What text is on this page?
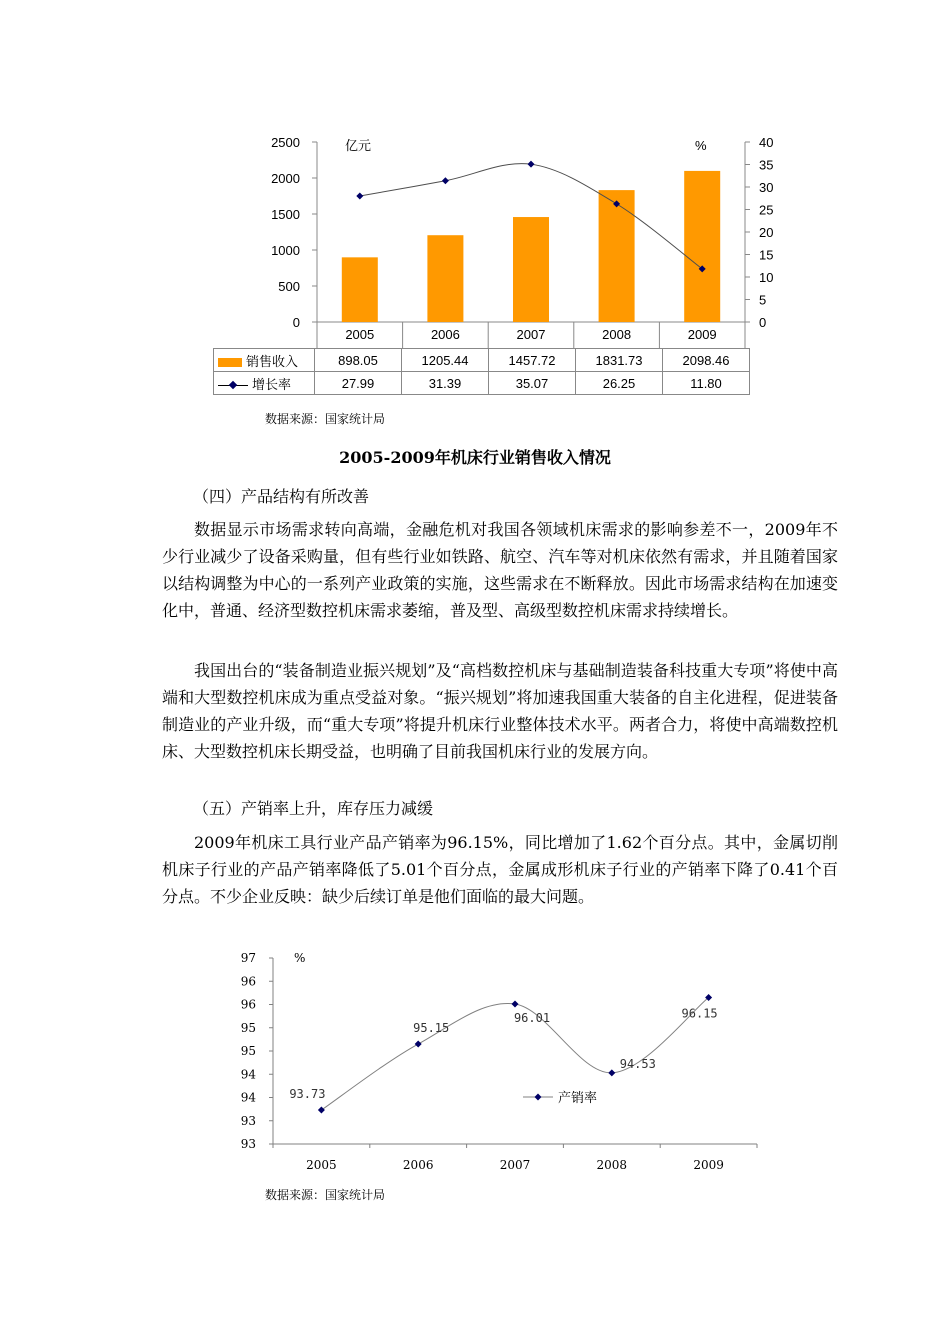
0
500
1000
1500
2000
2500
0
5
10
15
20
25
30
35
40
亿元	%
2005	2006	2007	2008	2009
销售收入	898.05	1205.44	1457.72	1831.73	2098.46
增长率	27.99	31.39	35.07	26.25	11.80
数据来源：国家统计局
2005-2009年机床行业销售收入情况
（四）产品结构有所改善
数据显示市场需求转向高端，金融危机对我国各领域机床需求的影响参差不一，2009年不少行业减少了设备采购量，但有些行业如铁路、航空、汽车等对机床依然有需求，并且随着国家以结构调整为中心的一系列产业政策的实施，这些需求在不断释放。因此市场需求结构在加速变化中，普通、经济型数控机床需求萎缩，普及型、高级型数控机床需求持续增长。
我国出台的“装备制造业振兴规划”及“高档数控机床与基础制造装备科技重大专项”将使中高端和大型数控机床成为重点受益对象。“振兴规划”将加速我国重大装备的自主化进程，促进装备制造业的产业升级，而“重大专项”将提升机床行业整体技术水平。两者合力，将使中高端数控机床、大型数控机床长期受益，也明确了目前我国机床行业的发展方向。
（五）产销率上升，库存压力减缓
2009年机床工具行业产品产销率为96.15%，同比增加了1.62个百分点。其中，金属切削机床子行业的产品产销率降低了5.01个百分点，金属成形机床子行业的产销率下降了0.41个百分点。不少企业反映：缺少后续订单是他们面临的最大问题。
93
93
94
94
95
95
96
96
97
2005	2006	2007	2008	2009
%
93.73
95.15
96.01
94.53
96.15
产销率
数据来源：国家统计局
